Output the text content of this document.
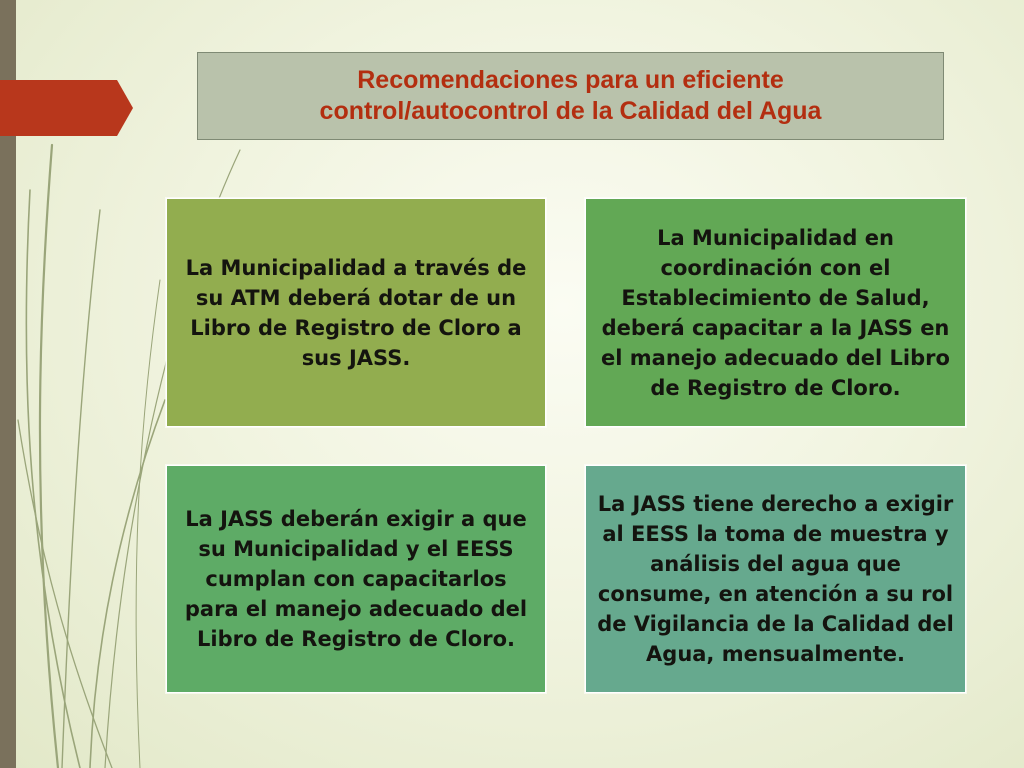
Recomendaciones para un eficiente
control/autocontrol de la Calidad del Agua
La Municipalidad a través de su ATM deberá dotar de un Libro de Registro de Cloro a sus JASS.
La Municipalidad en coordinación con el Establecimiento de Salud, deberá capacitar a la JASS en el manejo adecuado del Libro de Registro de Cloro.
La JASS deberán exigir a que su Municipalidad y el EESS cumplan con capacitarlos para el manejo adecuado del Libro de Registro de Cloro.
La JASS tiene derecho a exigir al EESS la toma de muestra y análisis del agua que consume, en atención a su rol de Vigilancia de la Calidad del Agua, mensualmente.
